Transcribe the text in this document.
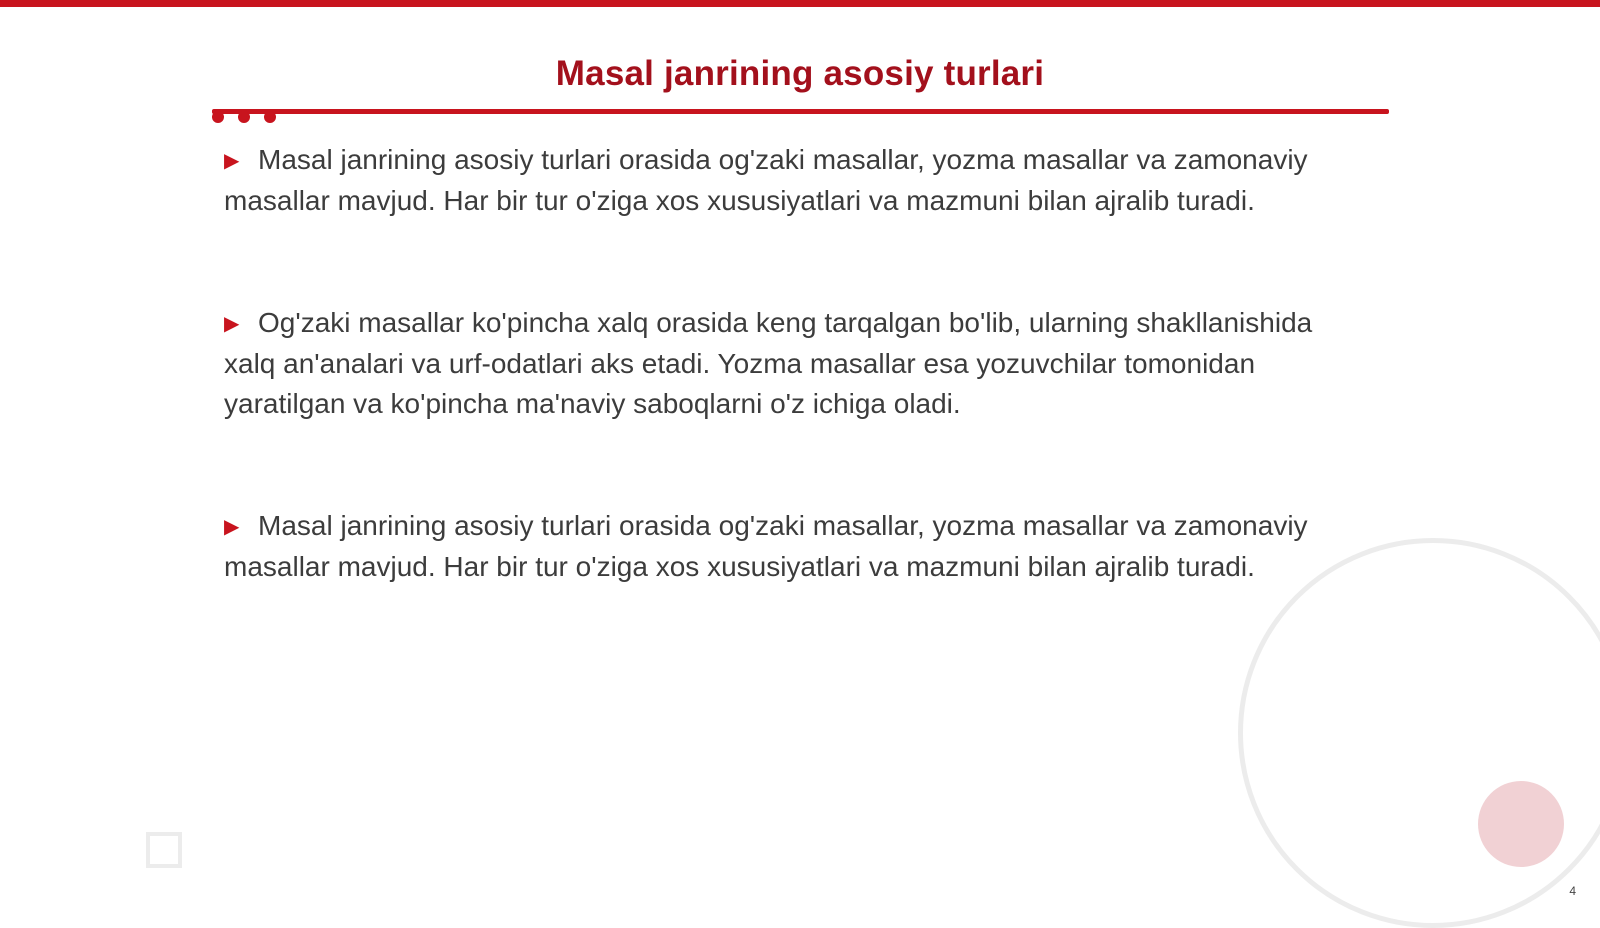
Masal janrining asosiy turlari

▶ Masal janrining asosiy turlari orasida og'zaki masallar, yozma masallar va zamonaviy masallar mavjud. Har bir tur o'ziga xos xususiyatlari va mazmuni bilan ajralib turadi.

▶ Og'zaki masallar ko'pincha xalq orasida keng tarqalgan bo'lib, ularning shakllanishida xalq an'analari va urf-odatlari aks etadi. Yozma masallar esa yozuvchilar tomonidan yaratilgan va ko'pincha ma'naviy saboqlarni o'z ichiga oladi.

▶ Masal janrining asosiy turlari orasida og'zaki masallar, yozma masallar va zamonaviy masallar mavjud. Har bir tur o'ziga xos xususiyatlari va mazmuni bilan ajralib turadi.

4
